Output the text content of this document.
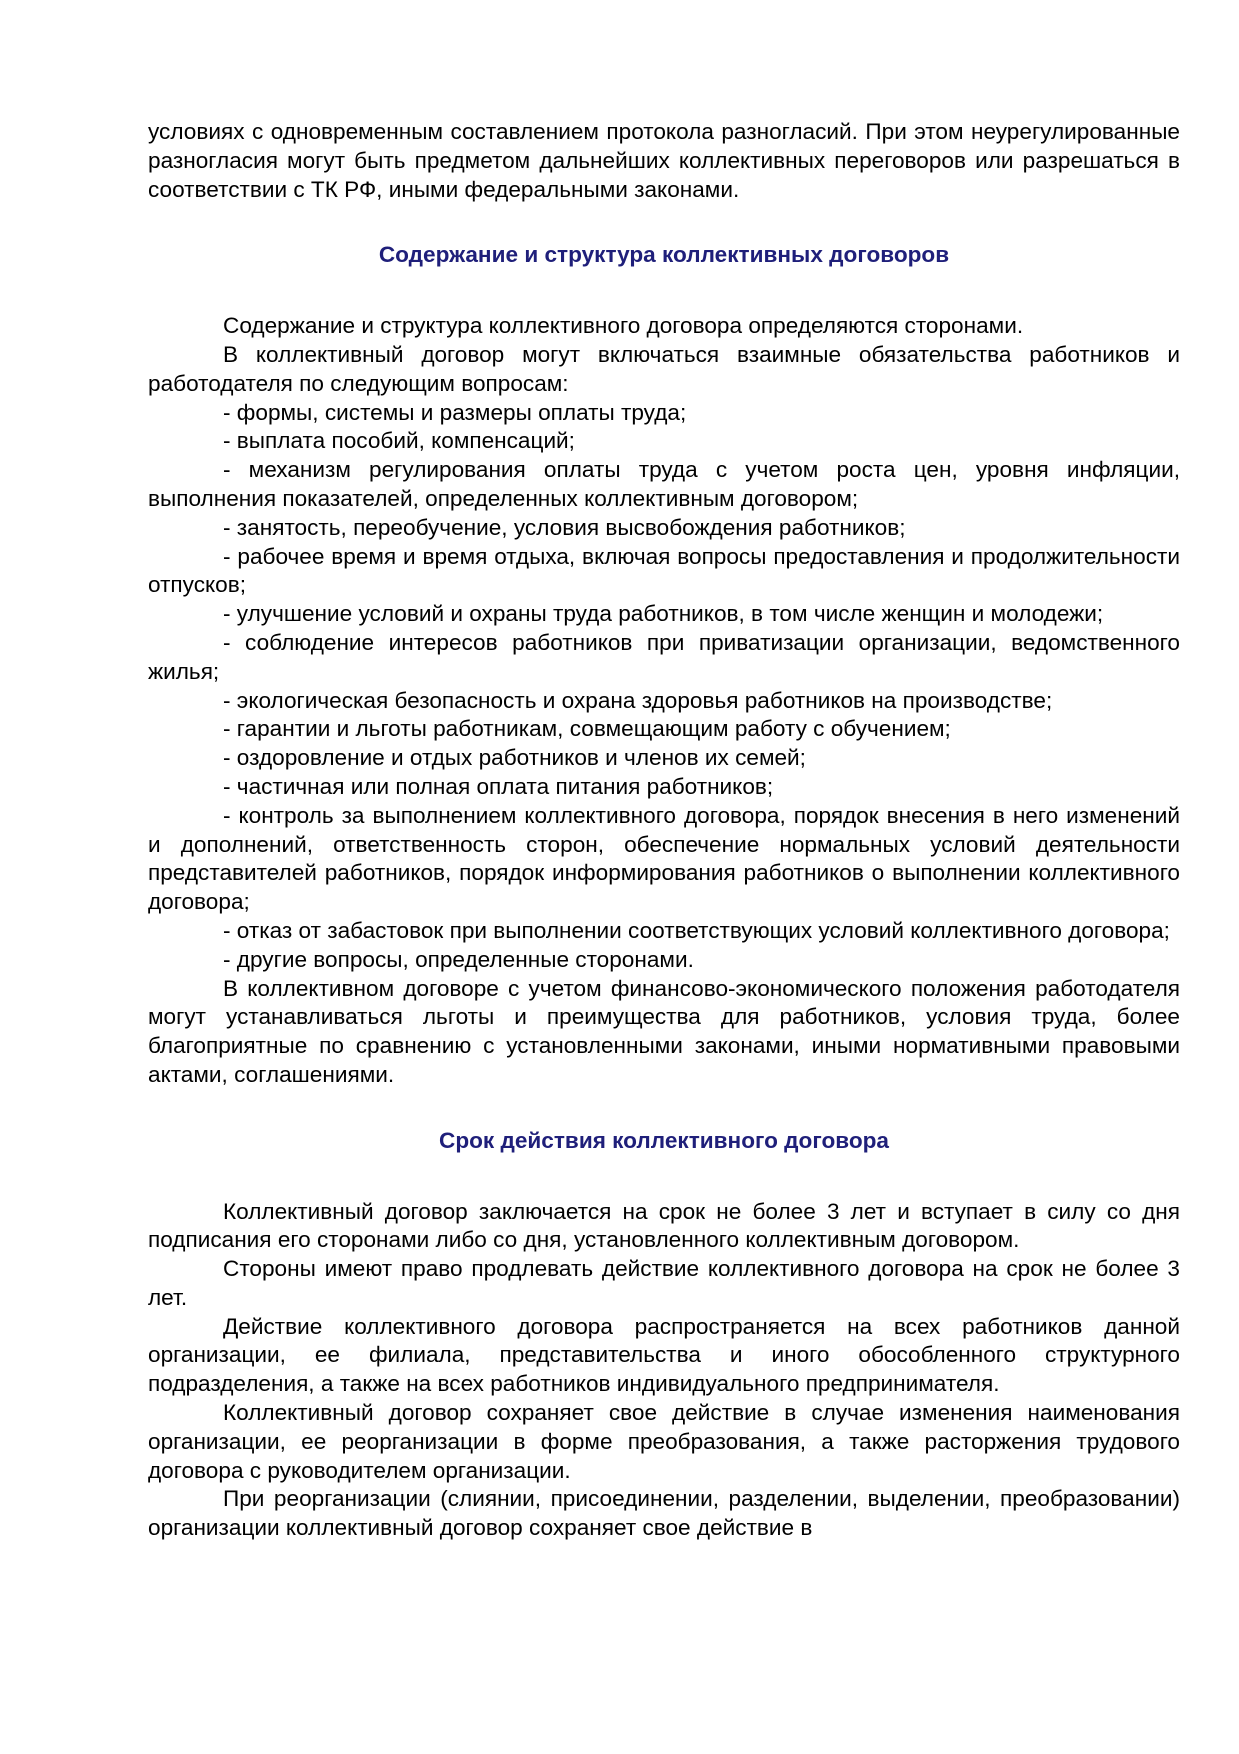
условиях с одновременным составлением протокола разногласий. При этом неурегулированные разногласия могут быть предметом дальнейших коллективных переговоров или разрешаться в соответствии с ТК РФ, иными федеральными законами.

Содержание и структура коллективных договоров

Содержание и структура коллективного договора определяются сторонами.

В коллективный договор могут включаться взаимные обязательства работников и работодателя по следующим вопросам:

- формы, системы и размеры оплаты труда;

- выплата пособий, компенсаций;

- механизм регулирования оплаты труда с учетом роста цен, уровня инфляции, выполнения показателей, определенных коллективным договором;

- занятость, переобучение, условия высвобождения работников;

- рабочее время и время отдыха, включая вопросы предоставления и продолжительности отпусков;

- улучшение условий и охраны труда работников, в том числе женщин и молодежи;

- соблюдение интересов работников при приватизации организации, ведомственного жилья;

- экологическая безопасность и охрана здоровья работников на производстве;

- гарантии и льготы работникам, совмещающим работу с обучением;

- оздоровление и отдых работников и членов их семей;

- частичная или полная оплата питания работников;

- контроль за выполнением коллективного договора, порядок внесения в него изменений и дополнений, ответственность сторон, обеспечение нормальных условий деятельности представителей работников, порядок информирования работников о выполнении коллективного договора;

- отказ от забастовок при выполнении соответствующих условий коллективного договора;

- другие вопросы, определенные сторонами.

В коллективном договоре с учетом финансово-экономического положения работодателя могут устанавливаться льготы и преимущества для работников, условия труда, более благоприятные по сравнению с установленными законами, иными нормативными правовыми актами, соглашениями.

Срок действия коллективного договора

Коллективный договор заключается на срок не более 3 лет и вступает в силу со дня подписания его сторонами либо со дня, установленного коллективным договором.

Стороны имеют право продлевать действие коллективного договора на срок не более 3 лет.

Действие коллективного договора распространяется на всех работников данной организации, ее филиала, представительства и иного обособленного структурного подразделения, а также на всех работников индивидуального предпринимателя.

Коллективный договор сохраняет свое действие в случае изменения наименования организации, ее реорганизации в форме преобразования, а также расторжения трудового договора с руководителем организации.

При реорганизации (слиянии, присоединении, разделении, выделении, преобразовании) организации коллективный договор сохраняет свое действие в
